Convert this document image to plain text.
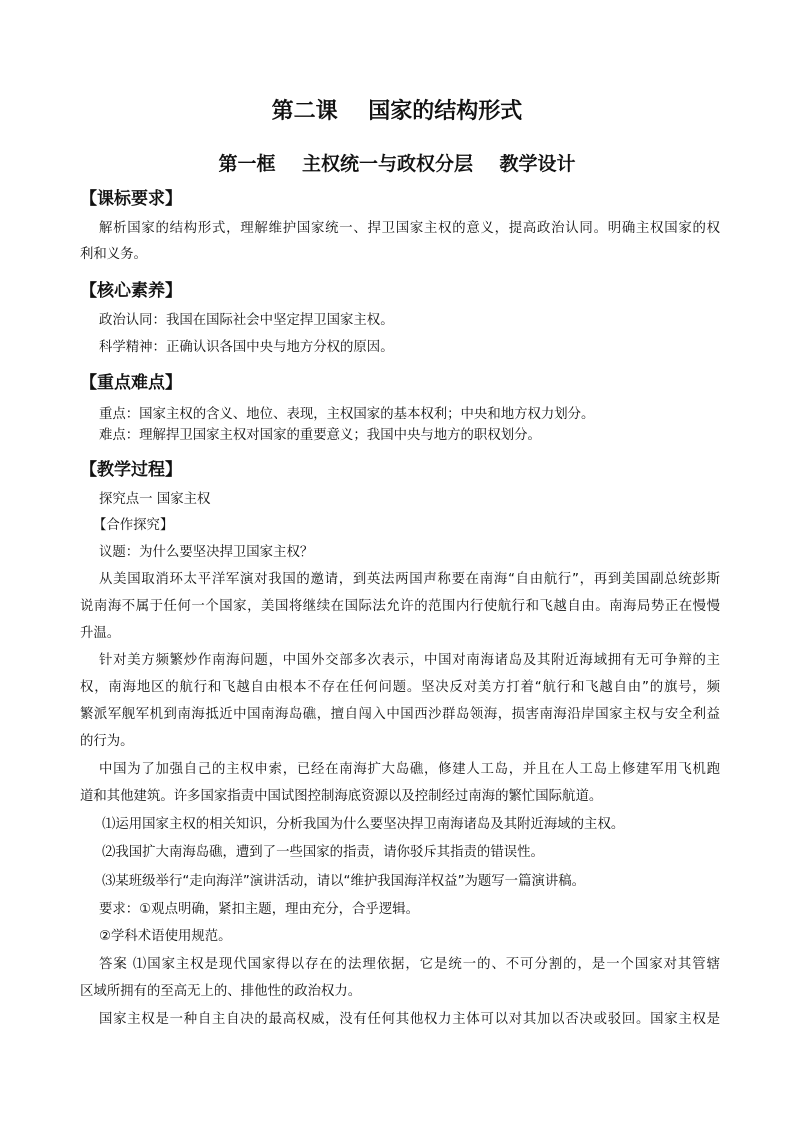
第二课    国家的结构形式
第一框    主权统一与政权分层    教学设计
【课标要求】
解析国家的结构形式，理解维护国家统一、捍卫国家主权的意义，提高政治认同。明确主权国家的权
利和义务。
【核心素养】
政治认同：我国在国际社会中坚定捍卫国家主权。
科学精神：正确认识各国中央与地方分权的原因。
【重点难点】
重点：国家主权的含义、地位、表现，主权国家的基本权利；中央和地方权力划分。
难点：理解捍卫国家主权对国家的重要意义；我国中央与地方的职权划分。
【教学过程】
探究点一 国家主权
【合作探究】
议题：为什么要坚决捍卫国家主权？
从美国取消环太平洋军演对我国的邀请，到英法两国声称要在南海“自由航行”，再到美国副总统彭斯
说南海不属于任何一个国家，美国将继续在国际法允许的范围内行使航行和飞越自由。南海局势正在慢慢
升温。
针对美方频繁炒作南海问题，中国外交部多次表示，中国对南海诸岛及其附近海域拥有无可争辩的主
权，南海地区的航行和飞越自由根本不存在任何问题。坚决反对美方打着“航行和飞越自由”的旗号，频
繁派军舰军机到南海抵近中国南海岛礁，擅自闯入中国西沙群岛领海，损害南海沿岸国家主权与安全利益
的行为。
中国为了加强自己的主权申索，已经在南海扩大岛礁，修建人工岛，并且在人工岛上修建军用飞机跑
道和其他建筑。许多国家指责中国试图控制海底资源以及控制经过南海的繁忙国际航道。
⑴运用国家主权的相关知识，分析我国为什么要坚决捍卫南海诸岛及其附近海域的主权。
⑵我国扩大南海岛礁，遭到了一些国家的指责，请你驳斥其指责的错误性。
⑶某班级举行“走向海洋”演讲活动，请以“维护我国海洋权益”为题写一篇演讲稿。
要求：①观点明确，紧扣主题，理由充分，合乎逻辑。
②学科术语使用规范。
答案 ⑴国家主权是现代国家得以存在的法理依据，它是统一的、不可分割的，是一个国家对其管辖
区域所拥有的至高无上的、排他性的政治权力。
国家主权是一种自主自决的最高权威，没有任何其他权力主体可以对其加以否决或驳回。国家主权是
